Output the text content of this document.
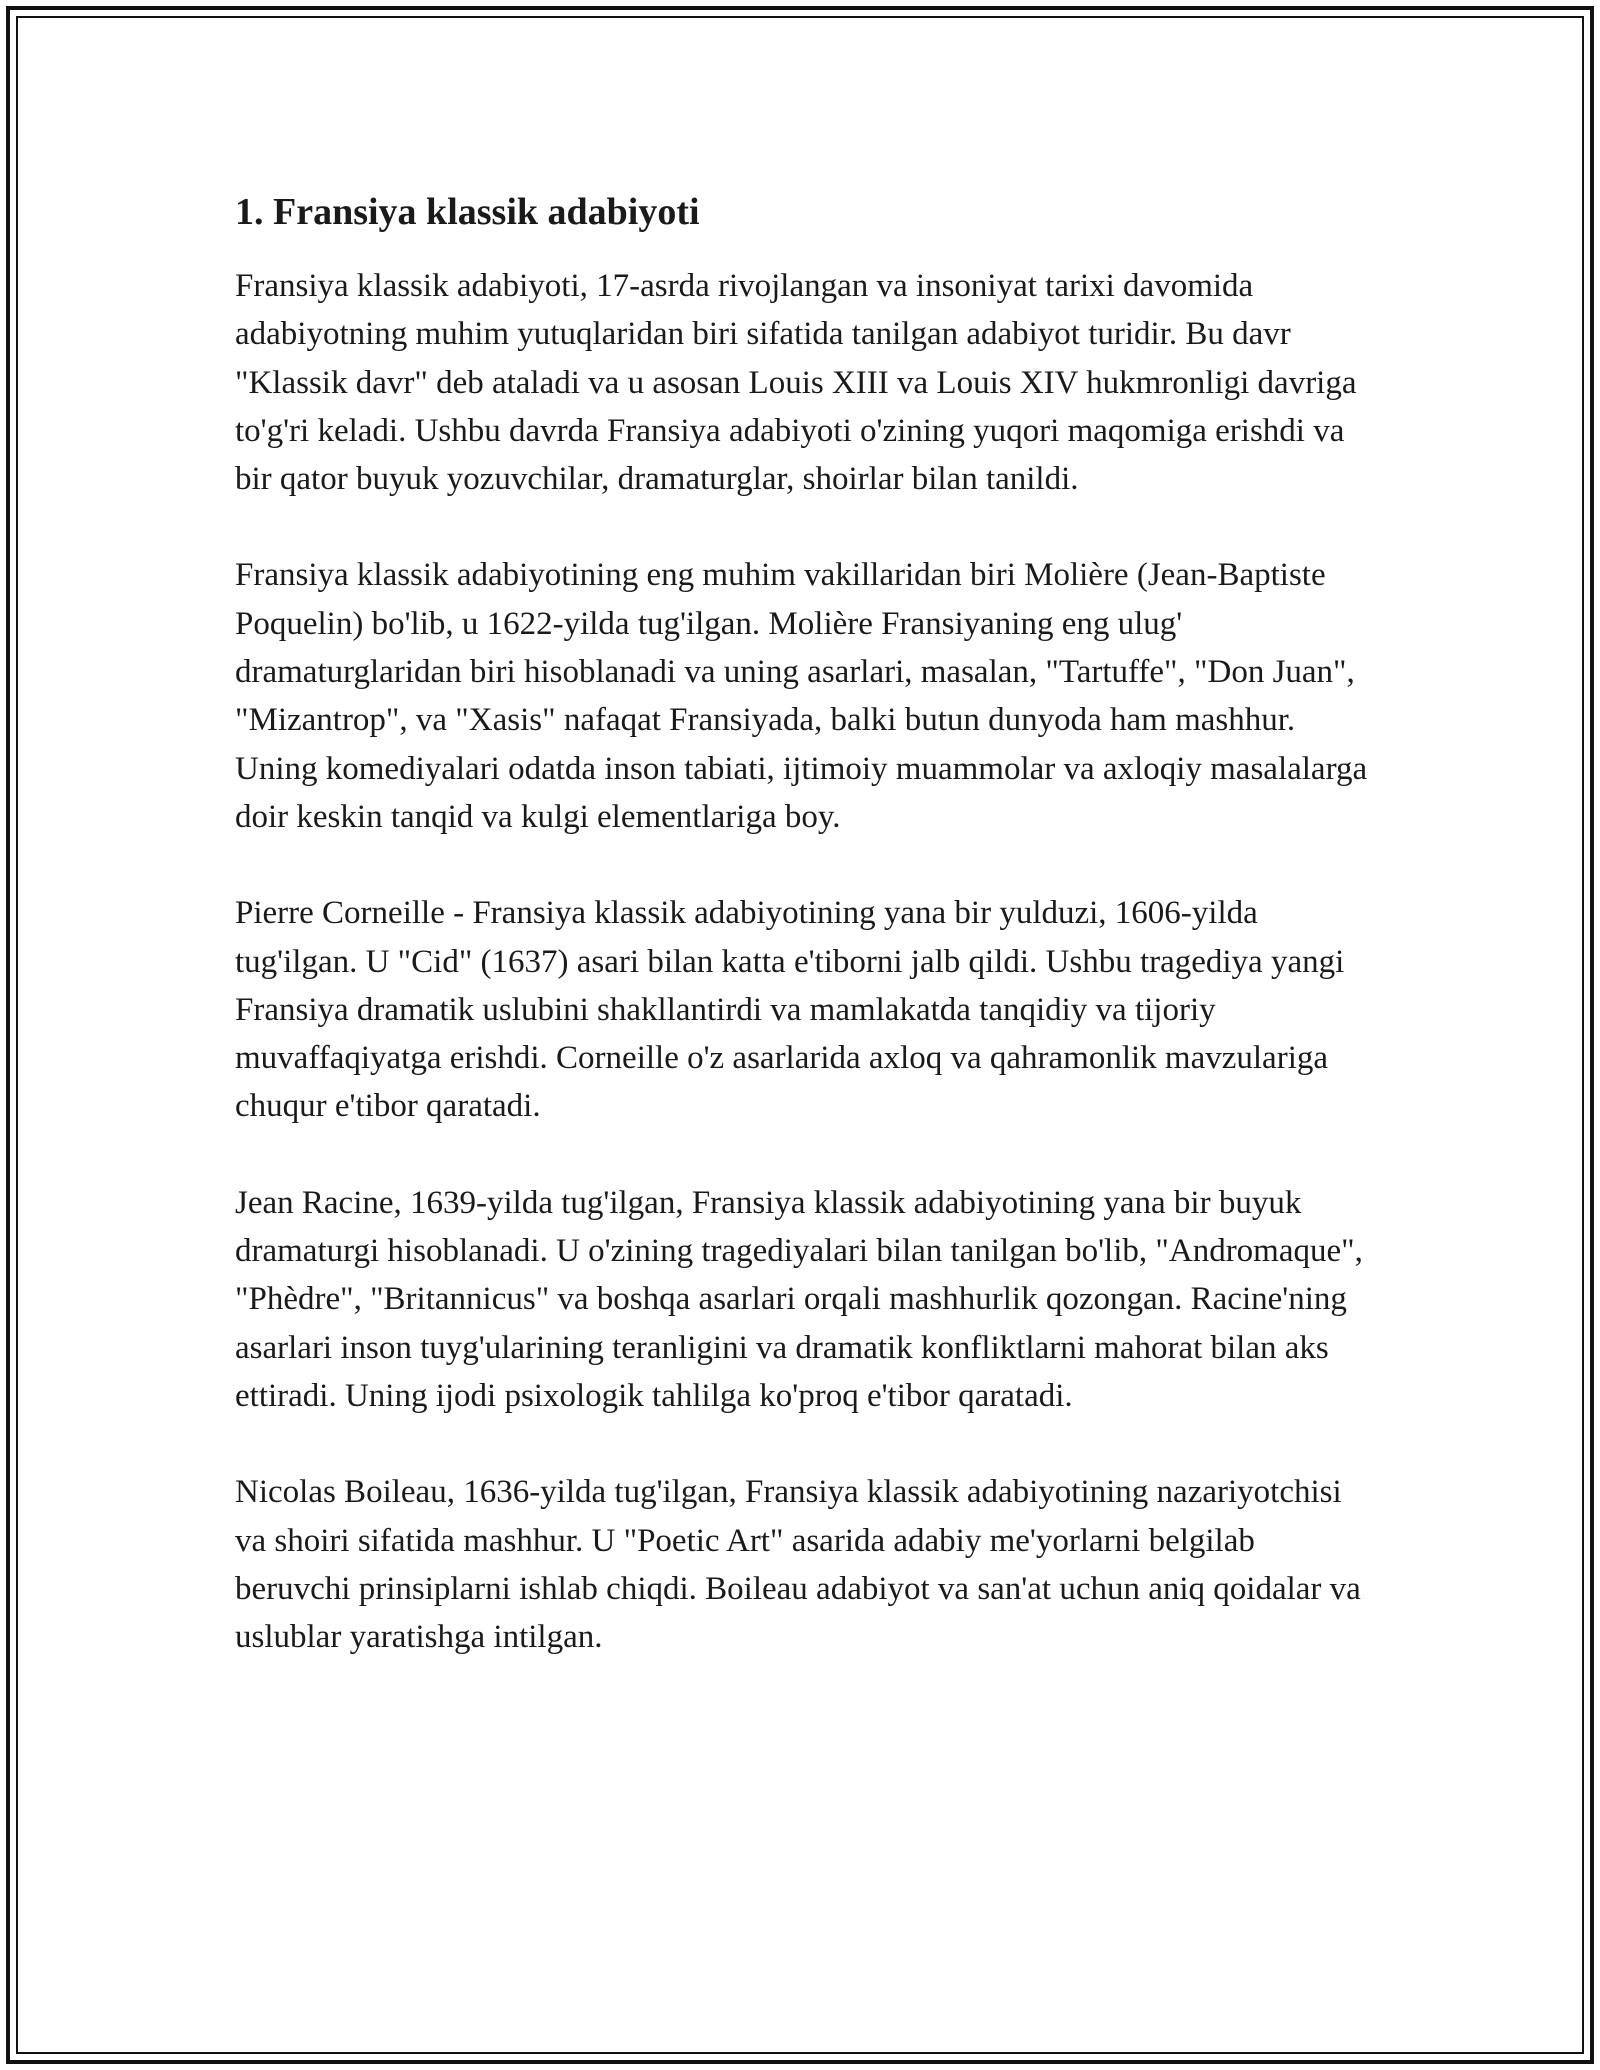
1. Fransiya klassik adabiyoti

Fransiya klassik adabiyoti, 17-asrda rivojlangan va insoniyat tarixi davomida adabiyotning muhim yutuqlaridan biri sifatida tanilgan adabiyot turidir. Bu davr "Klassik davr" deb ataladi va u asosan Louis XIII va Louis XIV hukmronligi davriga to'g'ri keladi. Ushbu davrda Fransiya adabiyoti o'zining yuqori maqomiga erishdi va bir qator buyuk yozuvchilar, dramaturglar, shoirlar bilan tanildi.

Fransiya klassik adabiyotining eng muhim vakillaridan biri Molière (Jean-Baptiste Poquelin) bo'lib, u 1622-yilda tug'ilgan. Molière Fransiyaning eng ulug' dramaturglaridan biri hisoblanadi va uning asarlari, masalan, "Tartuffe", "Don Juan", "Mizantrop", va "Xasis" nafaqat Fransiyada, balki butun dunyoda ham mashhur. Uning komediyalari odatda inson tabiati, ijtimoiy muammolar va axloqiy masalalarga doir keskin tanqid va kulgi elementlariga boy.

Pierre Corneille - Fransiya klassik adabiyotining yana bir yulduzi, 1606-yilda tug'ilgan. U "Cid" (1637) asari bilan katta e'tiborni jalb qildi. Ushbu tragediya yangi Fransiya dramatik uslubini shakllantirdi va mamlakatda tanqidiy va tijoriy muvaffaqiyatga erishdi. Corneille o'z asarlarida axloq va qahramonlik mavzulariga chuqur e'tibor qaratadi.

Jean Racine, 1639-yilda tug'ilgan, Fransiya klassik adabiyotining yana bir buyuk dramaturgi hisoblanadi. U o'zining tragediyalari bilan tanilgan bo'lib, "Andromaque", "Phèdre", "Britannicus" va boshqa asarlari orqali mashhurlik qozongan. Racine'ning asarlari inson tuyg'ularining teranligini va dramatik konfliktlarni mahorat bilan aks ettiradi. Uning ijodi psixologik tahlilga ko'proq e'tibor qaratadi.

Nicolas Boileau, 1636-yilda tug'ilgan, Fransiya klassik adabiyotining nazariyotchisi va shoiri sifatida mashhur. U "Poetic Art" asarida adabiy me'yorlarni belgilab beruvchi prinsiplarni ishlab chiqdi. Boileau adabiyot va san'at uchun aniq qoidalar va uslublar yaratishga intilgan.
